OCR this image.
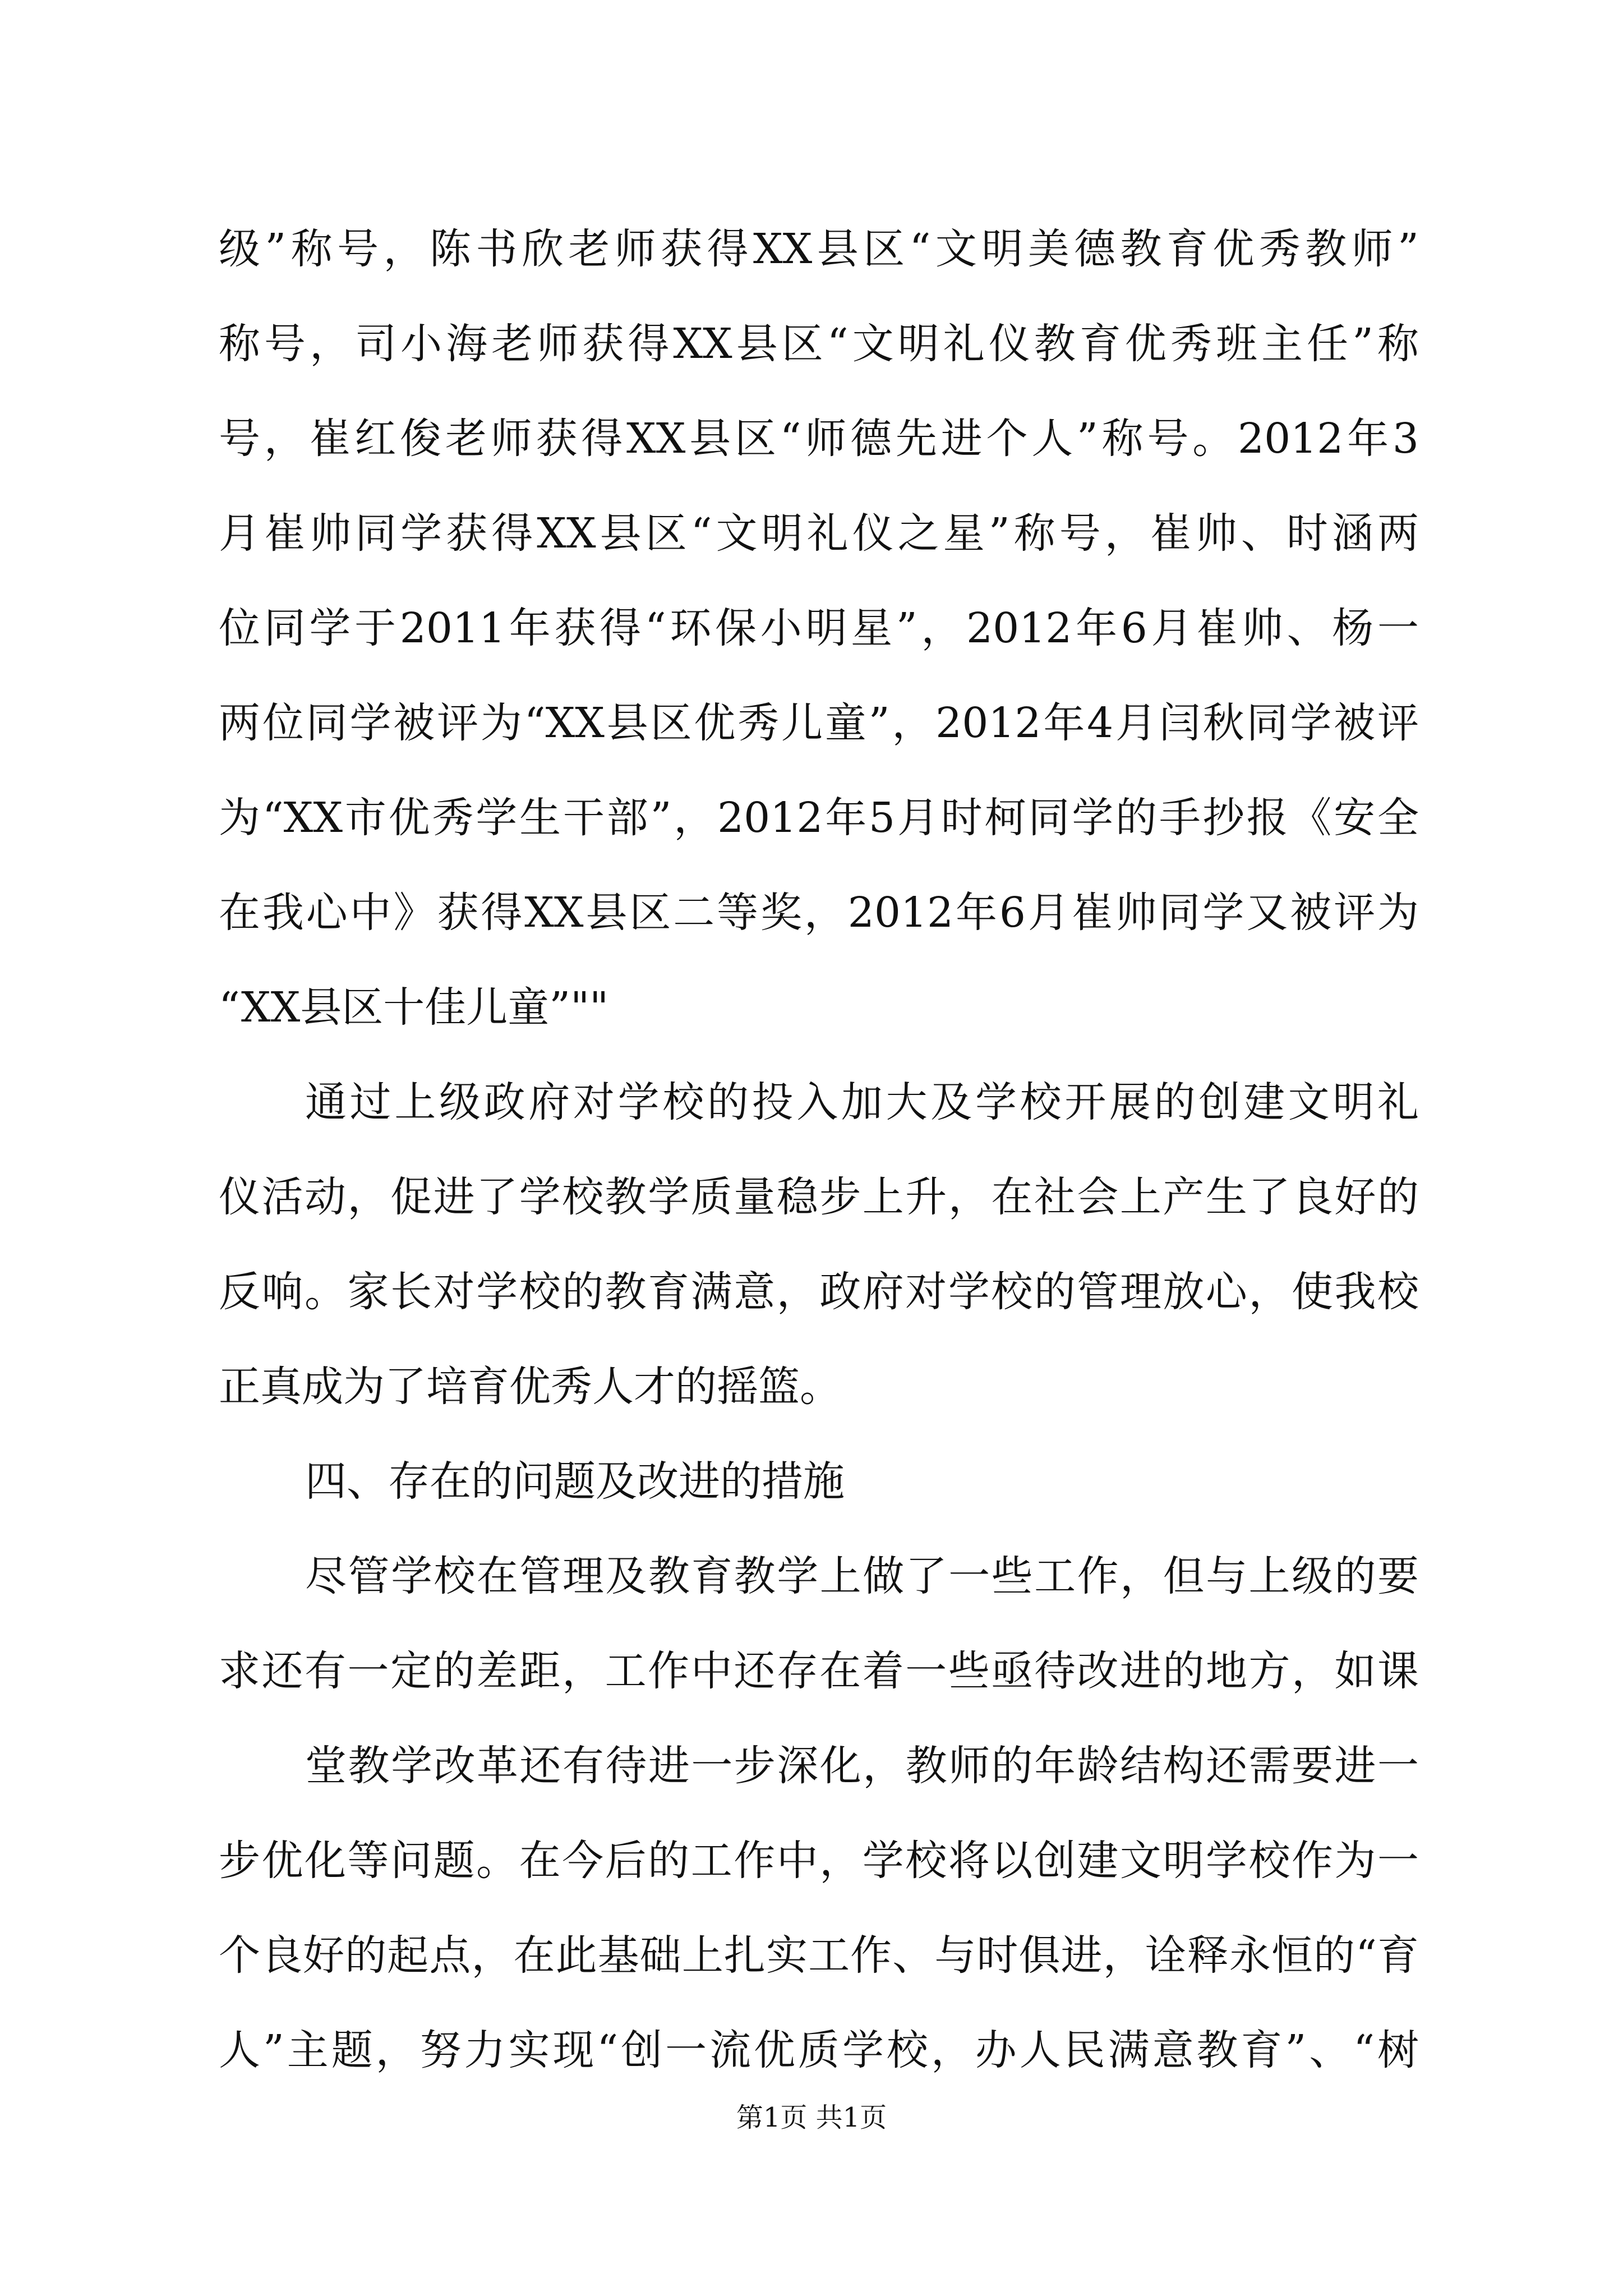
级”称号，陈书欣老师获得XX县区“文明美德教育优秀教师”
称号，司小海老师获得XX县区“文明礼仪教育优秀班主任”称
号，崔红俊老师获得XX县区“师德先进个人”称号。2012年3
月崔帅同学获得XX县区“文明礼仪之星”称号，崔帅、时涵两
位同学于2011年获得“环保小明星”，2012年6月崔帅、杨一
两位同学被评为“XX县区优秀儿童”，2012年4月闫秋同学被评
为“XX市优秀学生干部”，2012年5月时柯同学的手抄报《安全
在我心中》获得XX县区二等奖，2012年6月崔帅同学又被评为
“XX县区十佳儿童”""
通过上级政府对学校的投入加大及学校开展的创建文明礼
仪活动，促进了学校教学质量稳步上升，在社会上产生了良好的
反响。家长对学校的教育满意，政府对学校的管理放心，使我校
正真成为了培育优秀人才的摇篮。
四、存在的问题及改进的措施
尽管学校在管理及教育教学上做了一些工作，但与上级的要
求还有一定的差距，工作中还存在着一些亟待改进的地方，如课
堂教学改革还有待进一步深化，教师的年龄结构还需要进一
步优化等问题。在今后的工作中，学校将以创建文明学校作为一
个良好的起点，在此基础上扎实工作、与时俱进，诠释永恒的“育
人”主题，努力实现“创一流优质学校，办人民满意教育”、“树
第1页 共1页
